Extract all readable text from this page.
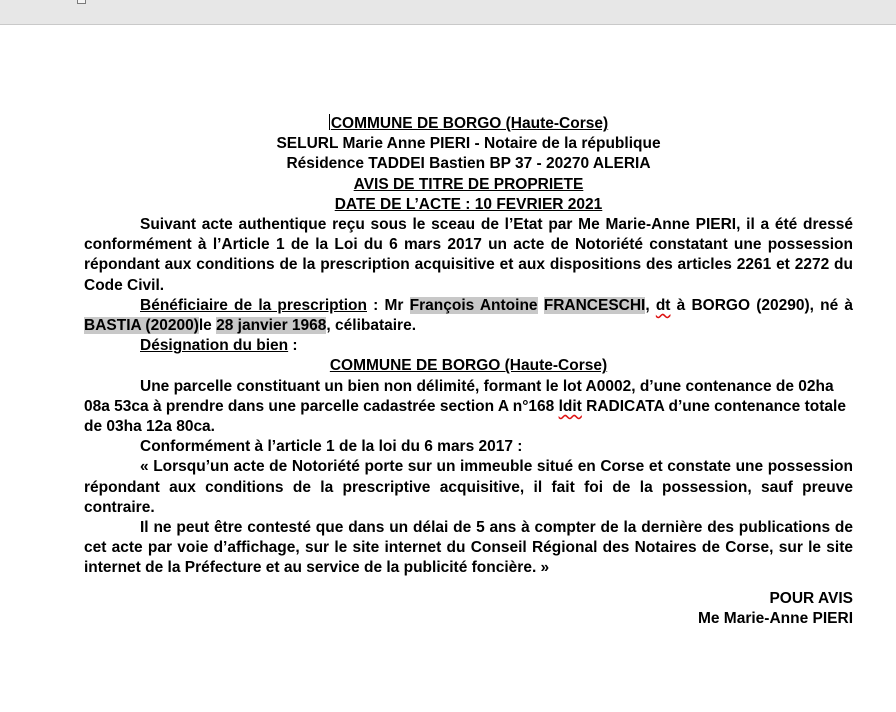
COMMUNE DE BORGO (Haute-Corse)
SELURL Marie Anne PIERI - Notaire de la république
Résidence TADDEI Bastien BP 37 - 20270 ALERIA
AVIS DE TITRE DE PROPRIETE
DATE DE L’ACTE : 10 FEVRIER 2021
Suivant acte authentique reçu sous le sceau de l’Etat par Me Marie-Anne PIERI, il a été dressé conformément à l’Article 1 de la Loi du 6 mars 2017 un acte de Notoriété constatant une possession répondant aux conditions de la prescription acquisitive et aux dispositions des articles 2261 et 2272 du Code Civil.
Bénéficiaire de la prescription : Mr François Antoine FRANCESCHI, dt à BORGO (20290), né à BASTIA (20200)le 28 janvier 1968, célibataire.
Désignation du bien :
COMMUNE DE BORGO (Haute-Corse)
Une parcelle constituant un bien non délimité, formant le lot A0002, d’une contenance de 02ha 08a 53ca à prendre dans une parcelle cadastrée section A n°168 ldit RADICATA d’une contenance totale de 03ha 12a 80ca.
Conformément à l’article 1 de la loi du 6 mars 2017 :
« Lorsqu’un acte de Notoriété porte sur un immeuble situé en Corse et constate une possession répondant aux conditions de la prescriptive acquisitive, il fait foi de la possession, sauf preuve contraire.
Il ne peut être contesté que dans un délai de 5 ans à compter de la dernière des publications de cet acte par voie d’affichage, sur le site internet du Conseil Régional des Notaires de Corse, sur le site internet de la Préfecture et au service de la publicité foncière. »
POUR AVIS
Me Marie-Anne PIERI
